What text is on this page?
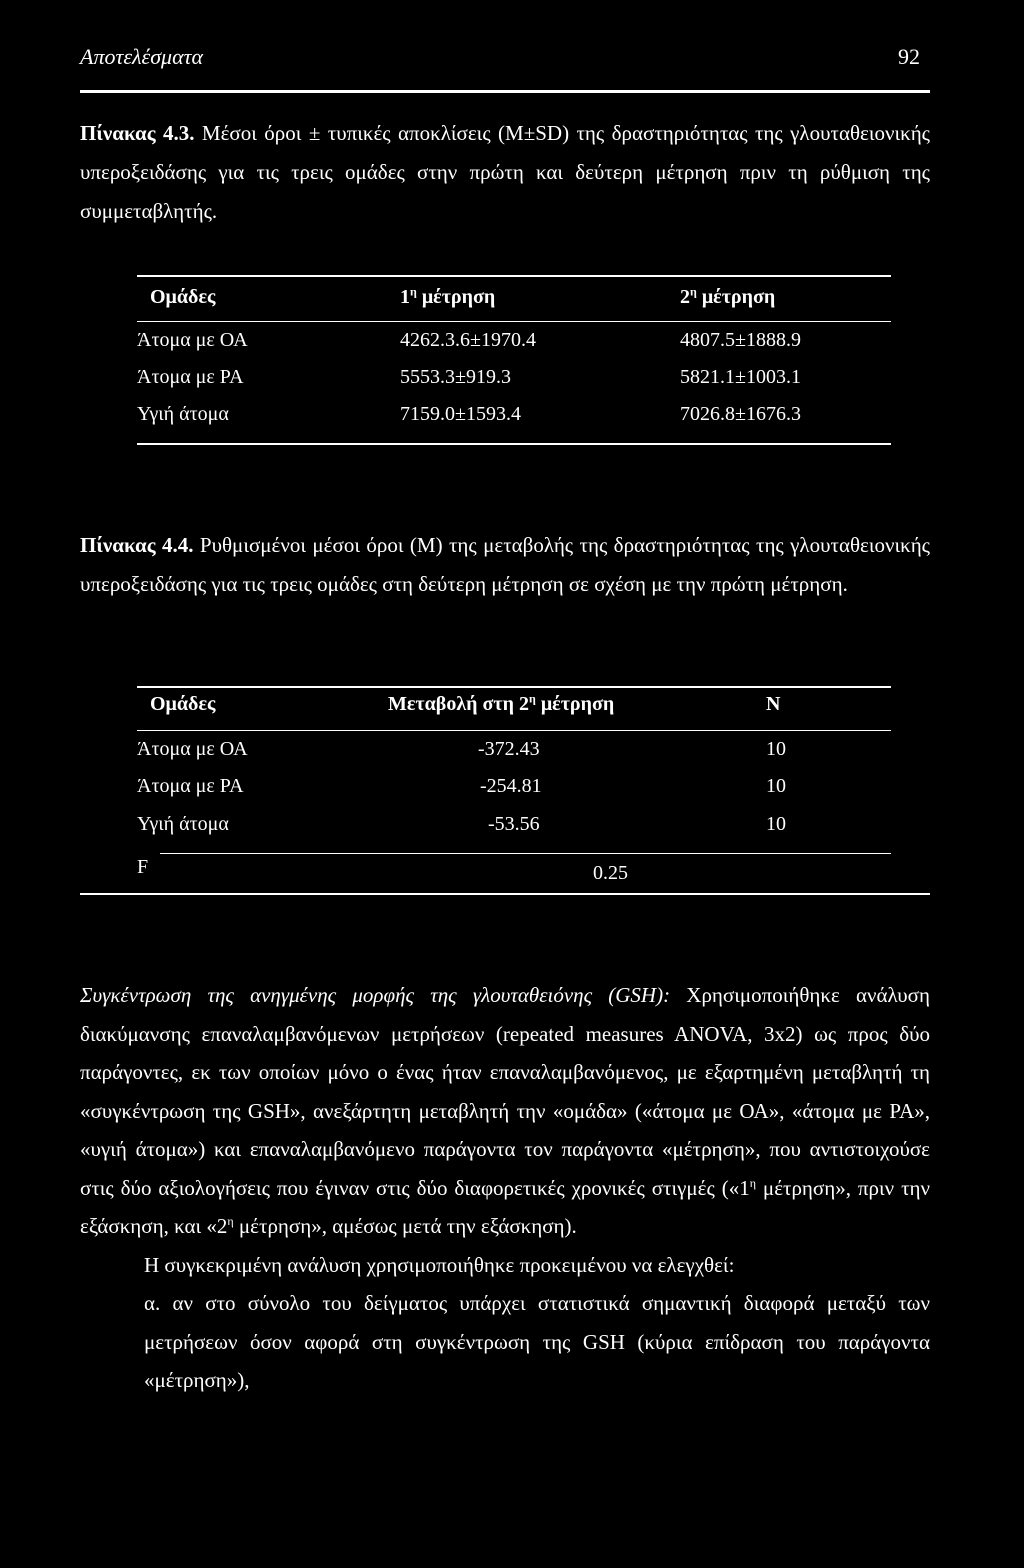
Αποτελέσματα	92
Πίνακας 4.3. Μέσοι όροι ± τυπικές αποκλίσεις (M±SD) της δραστηριότητας της γλουταθειονικής υπεροξειδάσης για τις τρεις ομάδες στην πρώτη και δεύτερη μέτρηση πριν τη ρύθμιση της συμμεταβλητής.
Ομάδες	$1^\eta$ μέτρηση	$2^\eta$ μέτρηση
Άτομα με ΟΑ	4262.3.6±1970.4	4807.5±1888.9
Άτομα με PA	5553.3±919.3	5821.1±1003.1
Υγιή άτομα	7159.0±1593.4	7026.8±1676.3
Πίνακας 4.4. Ρυθμισμένοι μέσοι όροι (M) της μεταβολής της δραστηριότητας της γλουταθειονικής υπεροξειδάσης για τις τρεις ομάδες στη δεύτερη μέτρηση σε σχέση με την πρώτη μέτρηση.
Ομάδες	Μεταβολή στη $2^\eta$ μέτρηση	N
Άτομα με ΟΑ	-372.43	10
Άτομα με PA	-254.81	10
Υγιή άτομα	-53.56	10
F	0.25

Συγκέντρωση της ανηγμένης μορφής της γλουταθειόνης (GSH): Χρησιμοποιήθηκε ανάλυση διακύμανσης επαναλαμβανόμενων μετρήσεων (repeated measures ANOVA, 3x2) ως προς δύο παράγοντες, εκ των οποίων μόνο ο ένας ήταν επαναλαμβανόμενος, με εξαρτημένη μεταβλητή τη «συγκέντρωση της GSH», ανεξάρτητη μεταβλητή την «ομάδα» («άτομα με ΟΑ», «άτομα με PA», «υγιή άτομα») και επαναλαμβανόμενο παράγοντα τον παράγοντα «μέτρηση», που αντιστοιχούσε στις δύο αξιολογήσεις που έγιναν στις δύο διαφορετικές χρονικές στιγμές («$1^\eta$ μέτρηση», πριν την εξάσκηση, και «$2^\eta$ μέτρηση», αμέσως μετά την εξάσκηση).

Η συγκεκριμένη ανάλυση χρησιμοποιήθηκε προκειμένου να ελεγχθεί:

α. αν στο σύνολο του δείγματος υπάρχει στατιστικά σημαντική διαφορά μεταξύ των μετρήσεων όσον αφορά στη συγκέντρωση της GSH (κύρια επίδραση του παράγοντα «μέτρηση»),
